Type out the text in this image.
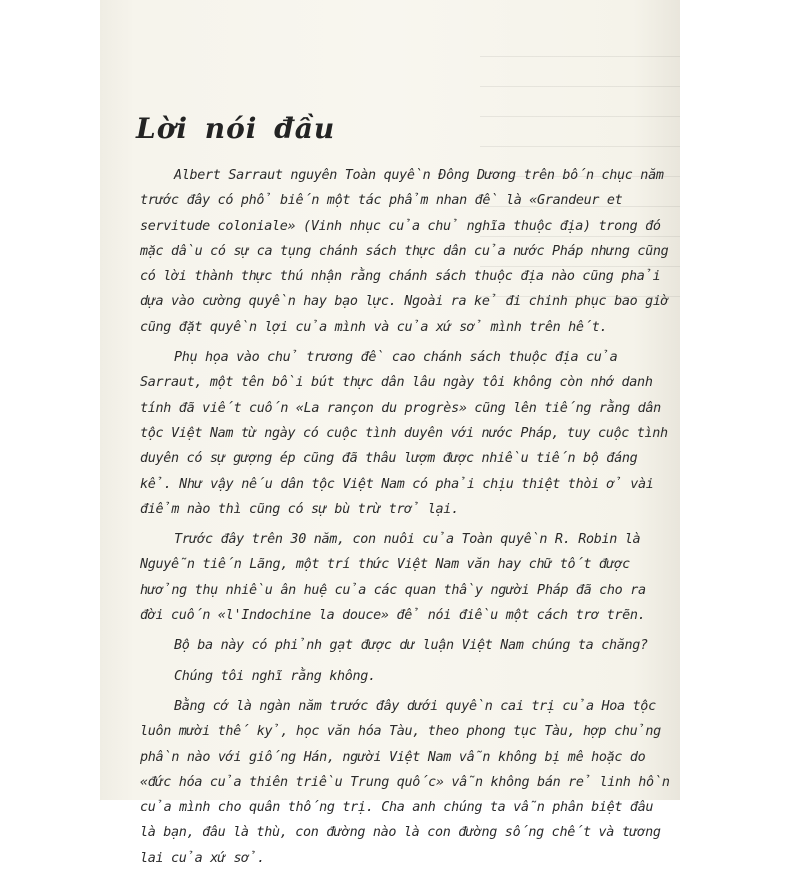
Lời nói đầu

Albert Sarraut nguyên Toàn quyền Đông Dương trên bốn chục năm trước đây có phổ biến một tác phẩm nhan đề là «Grandeur et servitude coloniale» (Vinh nhục của chủ nghĩa thuộc địa) trong đó mặc dầu có sự ca tụng chánh sách thực dân của nước Pháp nhưng cũng có lời thành thực thú nhận rằng chánh sách thuộc địa nào cũng phải dựa vào cường quyền hay bạo lực. Ngoài ra kẻ đi chinh phục bao giờ cũng đặt quyền lợi của mình và của xứ sở mình trên hết.

Phụ họa vào chủ trương đề cao chánh sách thuộc địa của Sarraut, một tên bồi bút thực dân lâu ngày tôi không còn nhớ danh tính đã viết cuốn «La rançon du progrès» cũng lên tiếng rằng dân tộc Việt Nam từ ngày có cuộc tình duyên với nước Pháp, tuy cuộc tình duyên có sự gượng ép cũng đã thâu lượm được nhiều tiến bộ đáng kể. Như vậy nếu dân tộc Việt Nam có phải chịu thiệt thòi ở vài điểm nào thì cũng có sự bù trừ trở lại.

Trước đây trên 30 năm, con nuôi của Toàn quyền R. Robin là Nguyễn tiến Lãng, một trí thức Việt Nam văn hay chữ tốt được hưởng thụ nhiều ân huệ của các quan thầy người Pháp đã cho ra đời cuốn «l'Indochine la douce» để nói điều một cách trơ trẽn.

Bộ ba này có phỉnh gạt được dư luận Việt Nam chúng ta chăng?

Chúng tôi nghĩ rằng không.

Bằng cớ là ngàn năm trước đây dưới quyền cai trị của Hoa tộc luôn mười thế kỷ, học văn hóa Tàu, theo phong tục Tàu, hợp chủng phần nào với giống Hán, người Việt Nam vẫn không bị mê hoặc do «đức hóa của thiên triều Trung quốc» vẫn không bán rẻ linh hồn của mình cho quân thống trị. Cha anh chúng ta vẫn phân biệt đâu là bạn, đâu là thù, con đường nào là con đường sống chết và tương lai của xứ sở.
